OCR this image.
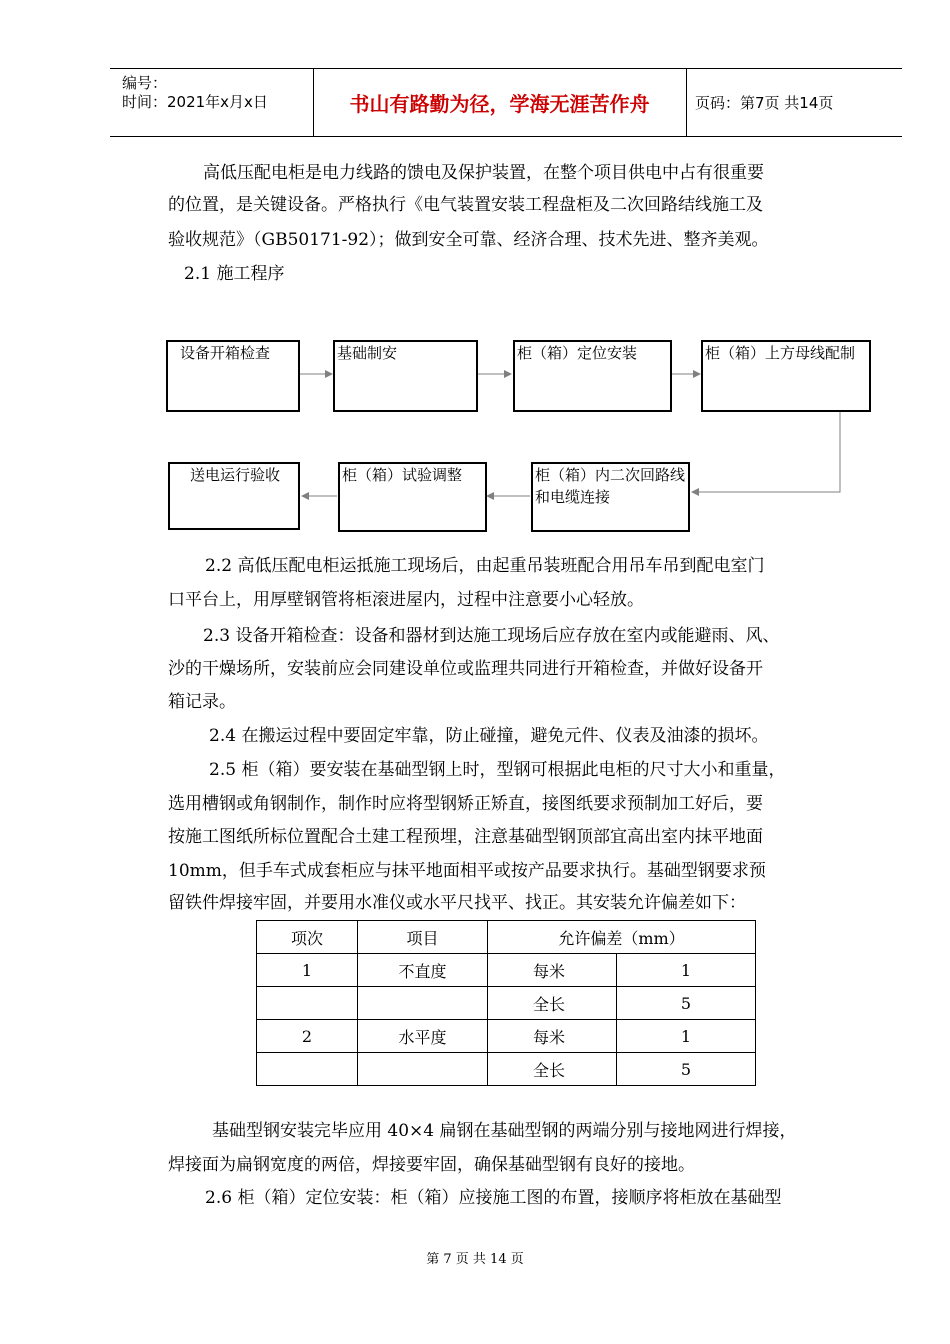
编号：
时间：2021年x月x日	书山有路勤为径，学海无涯苦作舟	页码：第7页 共14页
高低压配电柜是电力线路的馈电及保护装置，在整个项目供电中占有很重要
的位置，是关键设备。严格执行《电气装置安装工程盘柜及二次回路结线施工及
验收规范》（GB50171-92）；做到安全可靠、经济合理、技术先进、整齐美观。
2.1 施工程序
设备开箱检查	基础制安	柜（箱）定位安装	柜（箱）上方母线配制
柜（箱）内二次回路线和电缆连接
柜（箱）试验调整
送电运行验收
2.2 高低压配电柜运抵施工现场后，由起重吊装班配合用吊车吊到配电室门
口平台上，用厚壁钢管将柜滚进屋内，过程中注意要小心轻放。
2.3 设备开箱检查：设备和器材到达施工现场后应存放在室内或能避雨、风、
沙的干燥场所，安装前应会同建设单位或监理共同进行开箱检查，并做好设备开
箱记录。
2.4 在搬运过程中要固定牢靠，防止碰撞，避免元件、仪表及油漆的损坏。
2.5 柜（箱）要安装在基础型钢上时，型钢可根据此电柜的尺寸大小和重量，
选用槽钢或角钢制作，制作时应将型钢矫正矫直，接图纸要求预制加工好后，要
按施工图纸所标位置配合土建工程预埋，注意基础型钢顶部宜高出室内抹平地面
10mm，但手车式成套柜应与抹平地面相平或按产品要求执行。基础型钢要求预
留铁件焊接牢固，并要用水准仪或水平尺找平、找正。其安装允许偏差如下：
项次	项目	允许偏差（mm）	
1	不直度	每米	1
		全长	5
2	水平度	每米	1
		全长	5
基础型钢安装完毕应用 40×4 扁钢在基础型钢的两端分别与接地网进行焊接，
焊接面为扁钢宽度的两倍，焊接要牢固，确保基础型钢有良好的接地。
2.6 柜（箱）定位安装：柜（箱）应接施工图的布置，接顺序将柜放在基础型
第 7 页 共 14 页
